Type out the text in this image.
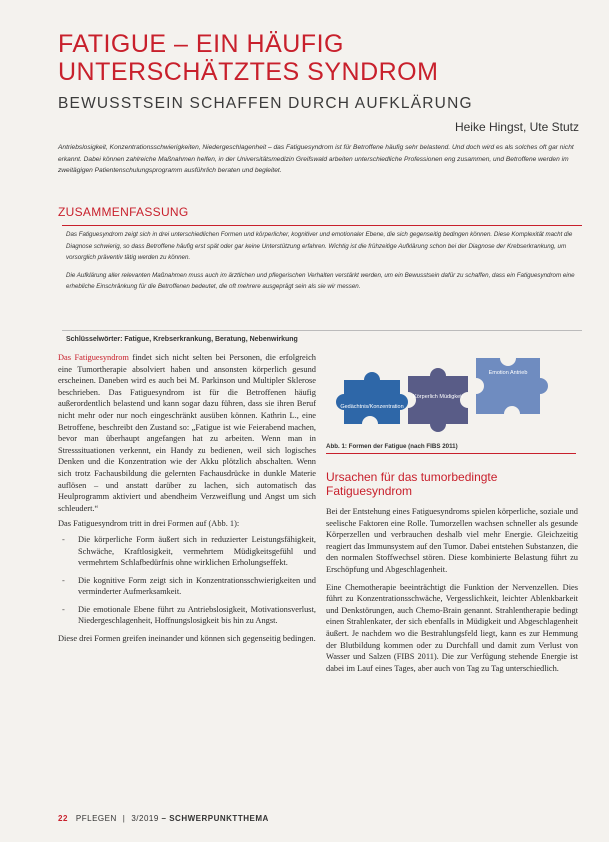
FATIGUE – EIN HÄUFIG
UNTERSCHÄTZTES SYNDROM
BEWUSSTSEIN SCHAFFEN DURCH AUFKLÄRUNG
Heike Hingst, Ute Stutz
Antriebslosigkeit, Konzentrationsschwierigkeiten, Niedergeschlagenheit – das Fatiguesyndrom ist für Betroffene häufig sehr belastend. Und doch wird es als solches oft gar nicht erkannt. Dabei können zahlreiche Maßnahmen helfen, in der Universitätsmedizin Greifswald arbeiten unterschiedliche Professionen eng zusammen, und Betroffene werden im zweitägigen Patientenschulungsprogramm ausführlich beraten und begleitet.
ZUSAMMENFASSUNG

Das Fatiguesyndrom zeigt sich in drei unterschiedlichen Formen und körperlicher, kognitiver und emotionaler Ebene, die sich gegenseitig bedingen können. Diese Komplexität macht die Diagnose schwierig, so dass Betroffene häufig erst spät oder gar keine Unterstützung erfahren. Wichtig ist die frühzeitige Aufklärung schon bei der Diagnose der Krebserkrankung, um vorsorglich präventiv tätig werden zu können.

Die Aufklärung aller relevanten Maßnahmen muss auch im ärztlichen und pflegerischen Verhalten verstärkt werden, um ein Bewusstsein dafür zu schaffen, dass ein Fatiguesyndrom eine erhebliche Einschränkung für die Betroffenen bedeutet, die oft mehrere ausgeprägt sein als sie wir messen.

Schlüsselwörter: Fatigue, Krebserkrankung, Beratung, Nebenwirkung

Das Fatiguesyndrom findet sich nicht selten bei Personen, die erfolgreich eine Tumortherapie absolviert haben und ansonsten körperlich gesund erscheinen. Daneben wird es auch bei M. Parkinson und Multipler Sklerose beschrieben. Das Fatiguesyndrom ist für die Betroffenen häufig außerordentlich belastend und kann sogar dazu führen, dass sie ihren Beruf nicht mehr oder nur noch eingeschränkt ausüben können. Kathrin L., eine Betroffene, beschreibt den Zustand so: „Fatigue ist wie Feierabend machen, bevor man überhaupt angefangen hat zu arbeiten. Wenn man in Stresssituationen verkennt, ein Handy zu bedienen, weil sich logisches Denken und die Konzentration wie der Akku plötzlich abschalten. Wenn sich trotz Fachausbildung die gelernten Fachausdrücke in dunkle Materie auflösen – und anstatt darüber zu lachen, sich automatisch das Heulprogramm aktiviert und abendheim Verzweiflung und Angst um sich schleudert.“

Das Fatiguesyndrom tritt in drei Formen auf (Abb. 1):

- Die körperliche Form äußert sich in reduzierter Leistungsfähigkeit, Schwäche, Kraftlosigkeit, vermehrtem Müdigkeitsgefühl und vermehrtem Schlafbedürfnis ohne wirklichen Erholungseffekt.
- Die kognitive Form zeigt sich in Konzentrationsschwierigkeiten und verminderter Aufmerksamkeit.
- Die emotionale Ebene führt zu Antriebslosigkeit, Motivationsverlust, Niedergeschlagenheit, Hoffnungslosigkeit bis hin zu Angst.

Diese drei Formen greifen ineinander und können sich gegenseitig bedingen.

Gedächtnis/Konzentration
Körperlich Müdigkeit
Emotion Antrieb
Abb. 1: Formen der Fatigue (nach FIBS 2011)
Ursachen für das tumorbedingte Fatiguesyndrom

Bei der Entstehung eines Fatiguesyndroms spielen körperliche, soziale und seelische Faktoren eine Rolle. Tumorzellen wachsen schneller als gesunde Körperzellen und verbrauchen deshalb viel mehr Energie. Gleichzeitig reagiert das Immunsystem auf den Tumor. Dabei entstehen Substanzen, die den normalen Stoffwechsel stören. Diese kombinierte Belastung führt zu Erschöpfung und Abgeschlagenheit.

Eine Chemotherapie beeinträchtigt die Funktion der Nervenzellen. Dies führt zu Konzentrationsschwäche, Vergesslichkeit, leichter Ablenkbarkeit und Denkstörungen, auch Chemo-Brain genannt. Strahlentherapie bedingt einen Strahlenkater, der sich ebenfalls in Müdigkeit und Abgeschlagenheit äußert. Je nachdem wo die Bestrahlungsfeld liegt, kann es zur Hemmung der Blutbildung kommen oder zu Durchfall und damit zum Verlust von Wasser und Salzen (FIBS 2011). Die zur Verfügung stehende Energie ist dabei im Lauf eines Tages, aber auch von Tag zu Tag unterschiedlich.

22 PFLEGEN | 3/2019 – SCHWERPUNKTTHEMA
